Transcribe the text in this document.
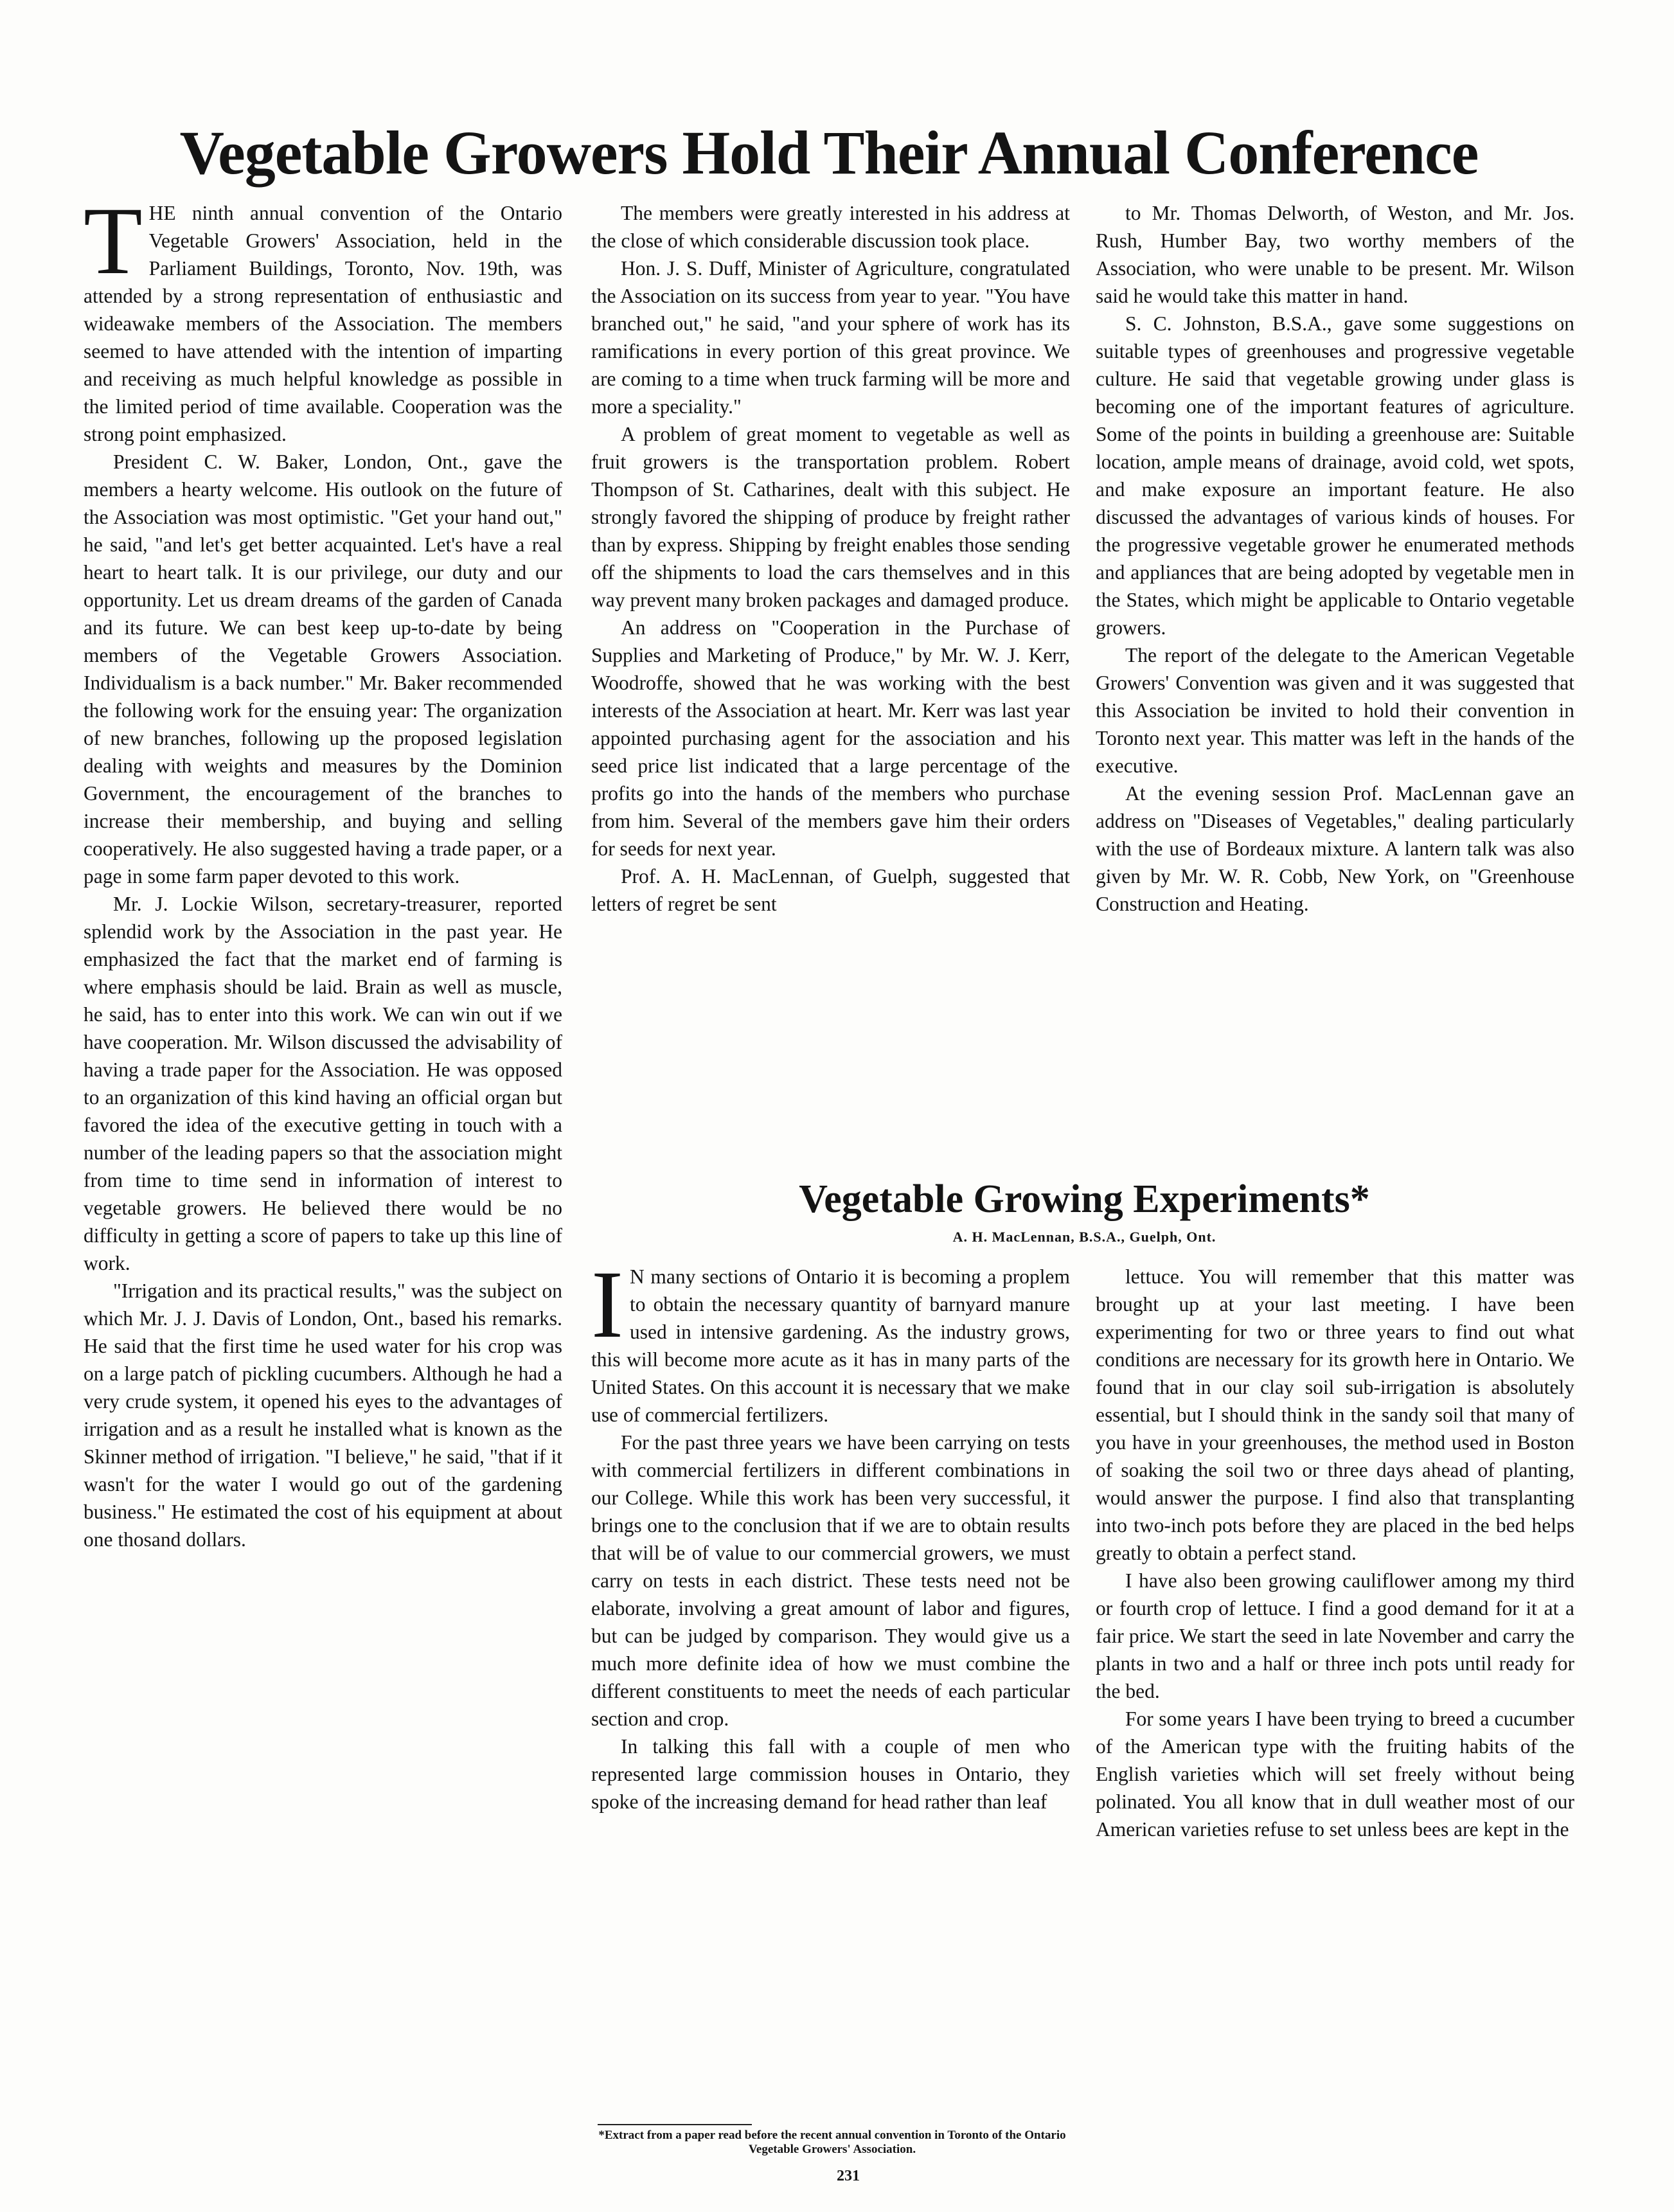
Vegetable Growers Hold Their Annual Conference

THE ninth annual convention of the Ontario Vegetable Growers' Association, held in the Parliament Buildings, Toronto, Nov. 19th, was attended by a strong representation of enthusiastic and wideawake members of the Association. The members seemed to have attended with the intention of imparting and receiving as much helpful knowledge as possible in the limited period of time available. Cooperation was the strong point emphasized.

President C. W. Baker, London, Ont., gave the members a hearty welcome. His outlook on the future of the Association was most optimistic. "Get your hand out," he said, "and let's get better acquainted. Let's have a real heart to heart talk. It is our privilege, our duty and our opportunity. Let us dream dreams of the garden of Canada and its future. We can best keep up-to-date by being members of the Vegetable Growers Association. Individualism is a back number." Mr. Baker recommended the following work for the ensuing year: The organization of new branches, following up the proposed legislation dealing with weights and measures by the Dominion Government, the encouragement of the branches to increase their membership, and buying and selling cooperatively. He also suggested having a trade paper, or a page in some farm paper devoted to this work.

Mr. J. Lockie Wilson, secretary-treasurer, reported splendid work by the Association in the past year. He emphasized the fact that the market end of farming is where emphasis should be laid. Brain as well as muscle, he said, has to enter into this work. We can win out if we have cooperation. Mr. Wilson discussed the advisability of having a trade paper for the Association. He was opposed to an organization of this kind having an official organ but favored the idea of the executive getting in touch with a number of the leading papers so that the association might from time to time send in information of interest to vegetable growers. He believed there would be no difficulty in getting a score of papers to take up this line of work.

"Irrigation and its practical results," was the subject on which Mr. J. J. Davis of London, Ont., based his remarks. He said that the first time he used water for his crop was on a large patch of pickling cucumbers. Although he had a very crude system, it opened his eyes to the advantages of irrigation and as a result he installed what is known as the Skinner method of irrigation. "I believe," he said, "that if it wasn't for the water I would go out of the gardening business." He estimated the cost of his equipment at about one thosand dollars.

The members were greatly interested in his address at the close of which considerable discussion took place.

Hon. J. S. Duff, Minister of Agriculture, congratulated the Association on its success from year to year. "You have branched out," he said, "and your sphere of work has its ramifications in every portion of this great province. We are coming to a time when truck farming will be more and more a speciality."

A problem of great moment to vegetable as well as fruit growers is the transportation problem. Robert Thompson of St. Catharines, dealt with this subject. He strongly favored the shipping of produce by freight rather than by express. Shipping by freight enables those sending off the shipments to load the cars themselves and in this way prevent many broken packages and damaged produce.

An address on "Cooperation in the Purchase of Supplies and Marketing of Produce," by Mr. W. J. Kerr, Woodroffe, showed that he was working with the best interests of the Association at heart. Mr. Kerr was last year appointed purchasing agent for the association and his seed price list indicated that a large percentage of the profits go into the hands of the members who purchase from him. Several of the members gave him their orders for seeds for next year.

Prof. A. H. MacLennan, of Guelph, suggested that letters of regret be sent

to Mr. Thomas Delworth, of Weston, and Mr. Jos. Rush, Humber Bay, two worthy members of the Association, who were unable to be present. Mr. Wilson said he would take this matter in hand.

S. C. Johnston, B.S.A., gave some suggestions on suitable types of greenhouses and progressive vegetable culture. He said that vegetable growing under glass is becoming one of the important features of agriculture. Some of the points in building a greenhouse are: Suitable location, ample means of drainage, avoid cold, wet spots, and make exposure an important feature. He also discussed the advantages of various kinds of houses. For the progressive vegetable grower he enumerated methods and appliances that are being adopted by vegetable men in the States, which might be applicable to Ontario vegetable growers.

The report of the delegate to the American Vegetable Growers' Convention was given and it was suggested that this Association be invited to hold their convention in Toronto next year. This matter was left in the hands of the executive.

At the evening session Prof. MacLennan gave an address on "Diseases of Vegetables," dealing particularly with the use of Bordeaux mixture. A lantern talk was also given by Mr. W. R. Cobb, New York, on "Greenhouse Construction and Heating.

Vegetable Growing Experiments*
A. H. MacLennan, B.S.A., Guelph, Ont.

I N many sections of Ontario it is becoming a proplem to obtain the necessary quantity of barnyard manure used in intensive gardening. As the industry grows, this will become more acute as it has in many parts of the United States. On this account it is necessary that we make use of commercial fertilizers.

For the past three years we have been carrying on tests with commercial fertilizers in different combinations in our College. While this work has been very successful, it brings one to the conclusion that if we are to obtain results that will be of value to our commercial growers, we must carry on tests in each district. These tests need not be elaborate, involving a great amount of labor and figures, but can be judged by comparison. They would give us a much more definite idea of how we must combine the different constituents to meet the needs of each particular section and crop.

In talking this fall with a couple of men who represented large commission houses in Ontario, they spoke of the increasing demand for head rather than leaf

lettuce. You will remember that this matter was brought up at your last meeting. I have been experimenting for two or three years to find out what conditions are necessary for its growth here in Ontario. We found that in our clay soil sub-irrigation is absolutely essential, but I should think in the sandy soil that many of you have in your greenhouses, the method used in Boston of soaking the soil two or three days ahead of planting, would answer the purpose. I find also that transplanting into two-inch pots before they are placed in the bed helps greatly to obtain a perfect stand.

I have also been growing cauliflower among my third or fourth crop of lettuce. I find a good demand for it at a fair price. We start the seed in late November and carry the plants in two and a half or three inch pots until ready for the bed.

For some years I have been trying to breed a cucumber of the American type with the fruiting habits of the English varieties which will set freely without being polinated. You all know that in dull weather most of our American varieties refuse to set unless bees are kept in the

*Extract from a paper read before the recent annual convention in Toronto of the Ontario Vegetable Growers' Association.
231
